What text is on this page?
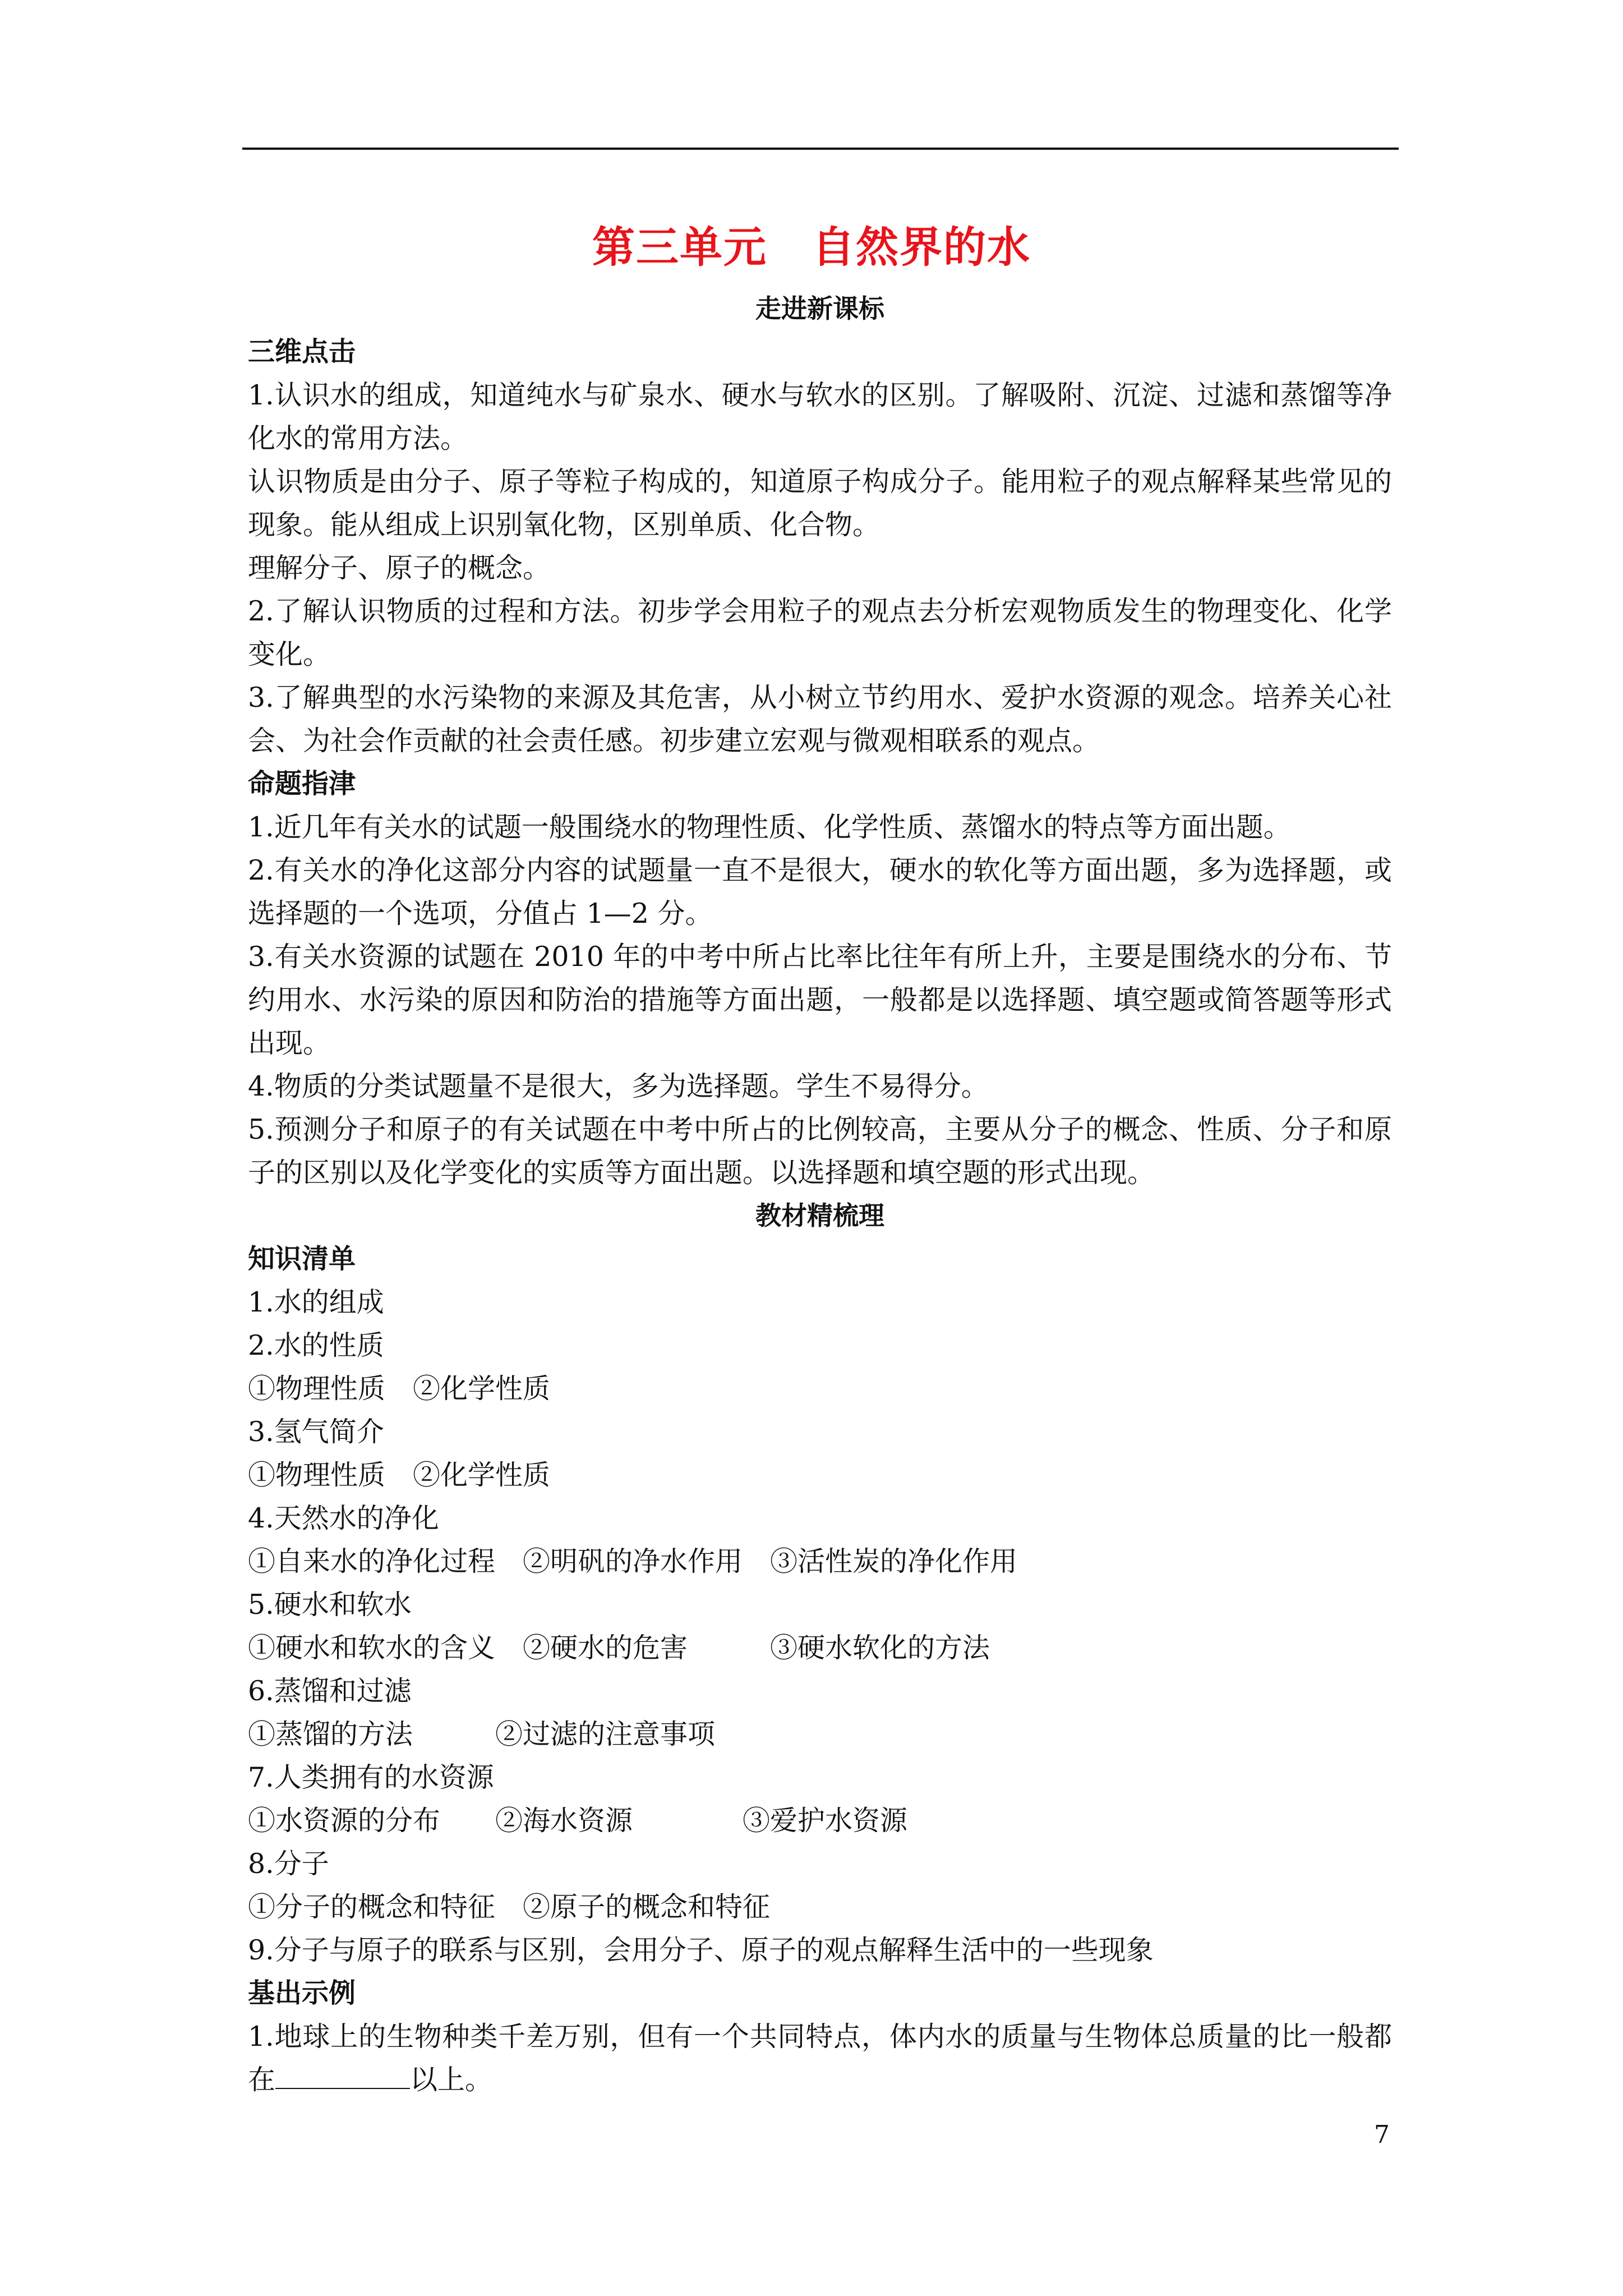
第三单元 自然界的水
走进新课标
三维点击

1.认识水的组成，知道纯水与矿泉水、硬水与软水的区别。了解吸附、沉淀、过滤和蒸馏等净化水的常用方法。

认识物质是由分子、原子等粒子构成的，知道原子构成分子。能用粒子的观点解释某些常见的现象。能从组成上识别氧化物，区别单质、化合物。

理解分子、原子的概念。

2.了解认识物质的过程和方法。初步学会用粒子的观点去分析宏观物质发生的物理变化、化学变化。

3.了解典型的水污染物的来源及其危害，从小树立节约用水、爱护水资源的观念。培养关心社会、为社会作贡献的社会责任感。初步建立宏观与微观相联系的观点。

命题指津

1.近几年有关水的试题一般围绕水的物理性质、化学性质、蒸馏水的特点等方面出题。

2.有关水的净化这部分内容的试题量一直不是很大，硬水的软化等方面出题，多为选择题，或选择题的一个选项，分值占 1—2 分。

3.有关水资源的试题在 2010 年的中考中所占比率比往年有所上升，主要是围绕水的分布、节约用水、水污染的原因和防治的措施等方面出题，一般都是以选择题、填空题或简答题等形式出现。

4.物质的分类试题量不是很大，多为选择题。学生不易得分。

5.预测分子和原子的有关试题在中考中所占的比例较高，主要从分子的概念、性质、分子和原子的区别以及化学变化的实质等方面出题。以选择题和填空题的形式出现。

教材精梳理
知识清单
1.水的组成
2.水的性质
①物理性质　②化学性质
3.氢气简介
①物理性质　②化学性质
4.天然水的净化
①自来水的净化过程　②明矾的净水作用　③活性炭的净化作用
5.硬水和软水
①硬水和软水的含义　②硬水的危害　　　③硬水软化的方法
6.蒸馏和过滤
①蒸馏的方法　　　②过滤的注意事项
7.人类拥有的水资源
①水资源的分布　　②海水资源　　　　③爱护水资源
8.分子
①分子的概念和特征　②原子的概念和特征
9.分子与原子的联系与区别，会用分子、原子的观点解释生活中的一些现象
基出示例

1.地球上的生物种类千差万别，但有一个共同特点，体内水的质量与生物体总质量的比一般都在	以上。

7
